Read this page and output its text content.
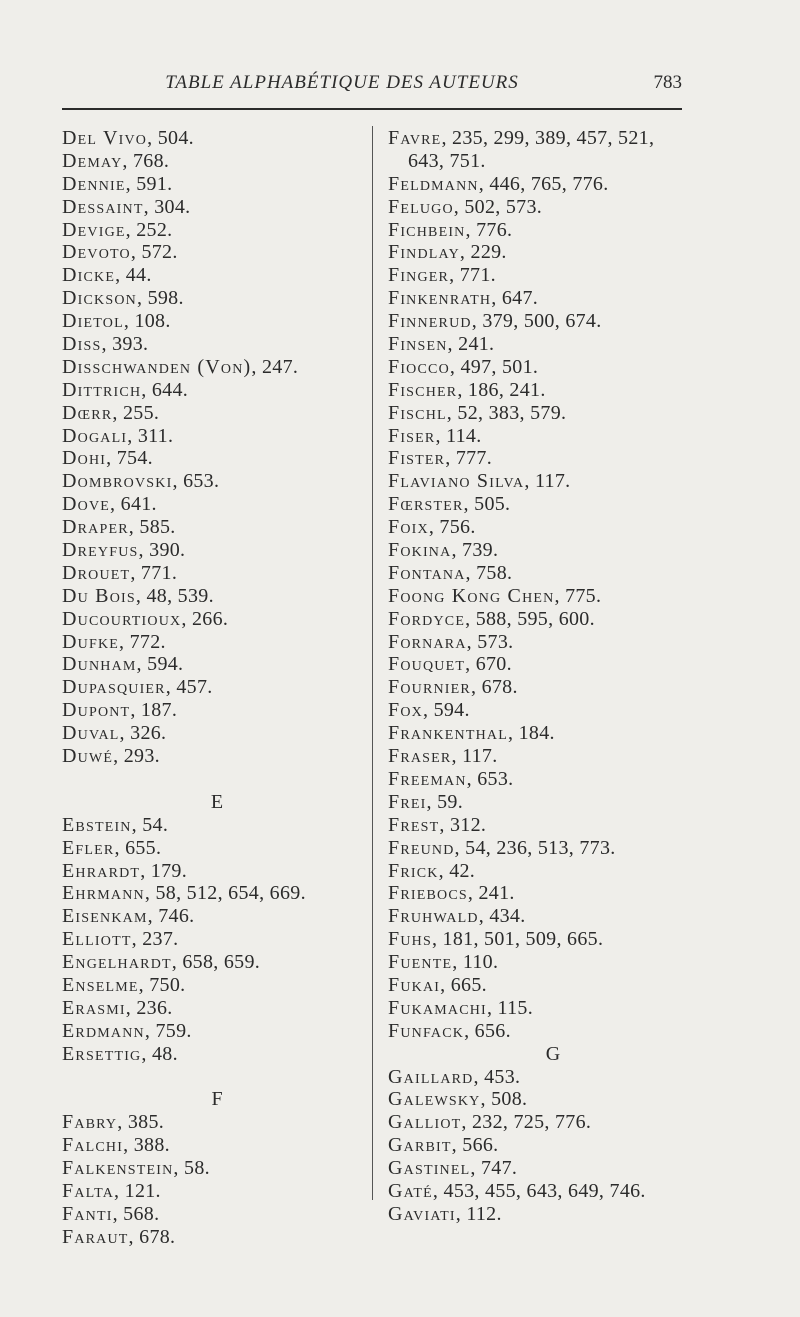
TABLE ALPHABÉTIQUE DES AUTEURS	783
Del Vivo, 504.
Demay, 768.
Dennie, 591.
Dessaint, 304.
Devige, 252.
Devoto, 572.
Dicke, 44.
Dickson, 598.
Dietol, 108.
Diss, 393.
Disschwanden (Von), 247.
Dittrich, 644.
Dœrr, 255.
Dogali, 311.
Dohi, 754.
Dombrovski, 653.
Dove, 641.
Draper, 585.
Dreyfus, 390.
Drouet, 771.
Du Bois, 48, 539.
Ducourtioux, 266.
Dufke, 772.
Dunham, 594.
Dupasquier, 457.
Dupont, 187.
Duval, 326.
Duwé, 293.
E
Ebstein, 54.
Efler, 655.
Ehrardt, 179.
Ehrmann, 58, 512, 654, 669.
Eisenkam, 746.
Elliott, 237.
Engelhardt, 658, 659.
Enselme, 750.
Erasmi, 236.
Erdmann, 759.
Ersettig, 48.
F
Fabry, 385.
Falchi, 388.
Falkenstein, 58.
Falta, 121.
Fanti, 568.
Faraut, 678.
Favre, 235, 299, 389, 457, 521,
643, 751.
Feldmann, 446, 765, 776.
Felugo, 502, 573.
Fichbein, 776.
Findlay, 229.
Finger, 771.
Finkenrath, 647.
Finnerud, 379, 500, 674.
Finsen, 241.
Fiocco, 497, 501.
Fischer, 186, 241.
Fischl, 52, 383, 579.
Fiser, 114.
Fister, 777.
Flaviano Silva, 117.
Fœrster, 505.
Foix, 756.
Fokina, 739.
Fontana, 758.
Foong Kong Chen, 775.
Fordyce, 588, 595, 600.
Fornara, 573.
Fouquet, 670.
Fournier, 678.
Fox, 594.
Frankenthal, 184.
Fraser, 117.
Freeman, 653.
Frei, 59.
Frest, 312.
Freund, 54, 236, 513, 773.
Frick, 42.
Friebocs, 241.
Fruhwald, 434.
Fuhs, 181, 501, 509, 665.
Fuente, 110.
Fukai, 665.
Fukamachi, 115.
Funfack, 656.
G
Gaillard, 453.
Galewsky, 508.
Galliot, 232, 725, 776.
Garbit, 566.
Gastinel, 747.
Gaté, 453, 455, 643, 649, 746.
Gaviati, 112.
